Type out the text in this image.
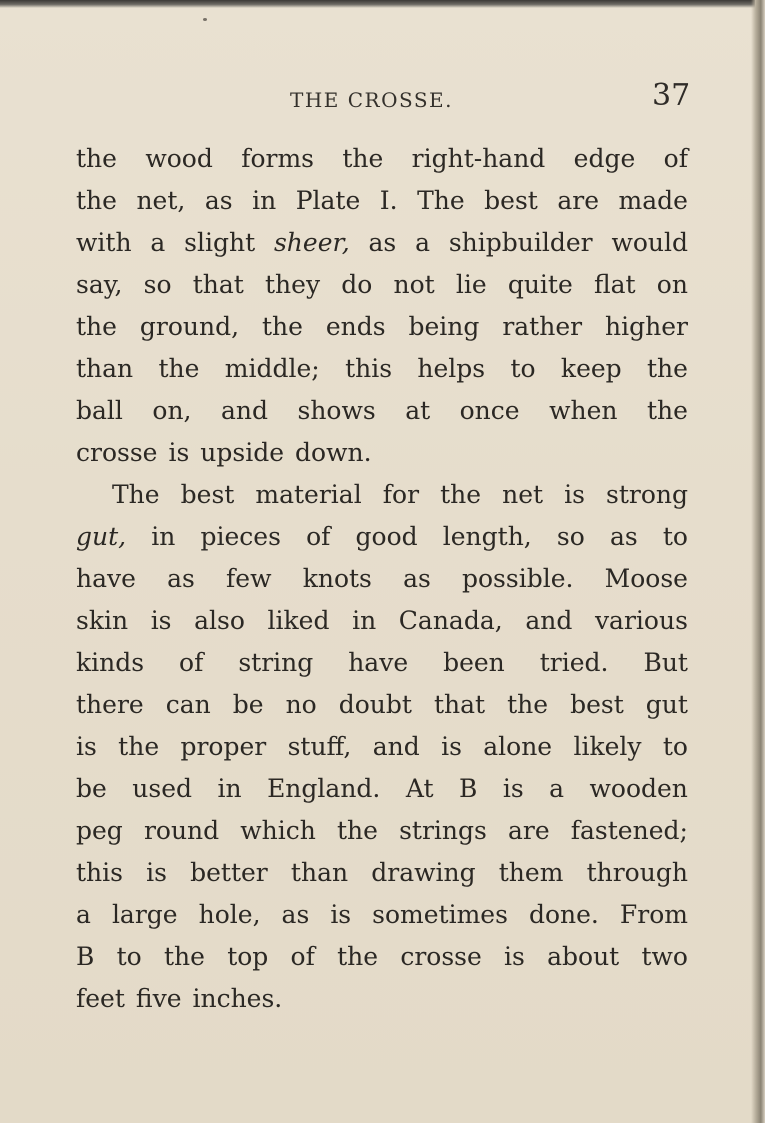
THE CROSSE.	37
the wood forms the right-hand edge of
the net, as in Plate I. The best are made
with a slight sheer, as a shipbuilder would
say, so that they do not lie quite flat on
the ground, the ends being rather higher
than the middle; this helps to keep the
ball on, and shows at once when the
crosse is upside down.
The best material for the net is strong
gut, in pieces of good length, so as to
have as few knots as possible. Moose
skin is also liked in Canada, and various
kinds of string have been tried. But
there can be no doubt that the best gut
is the proper stuff, and is alone likely to
be used in England. At B is a wooden
peg round which the strings are fastened;
this is better than drawing them through
a large hole, as is sometimes done. From
B to the top of the crosse is about two
feet five inches.
